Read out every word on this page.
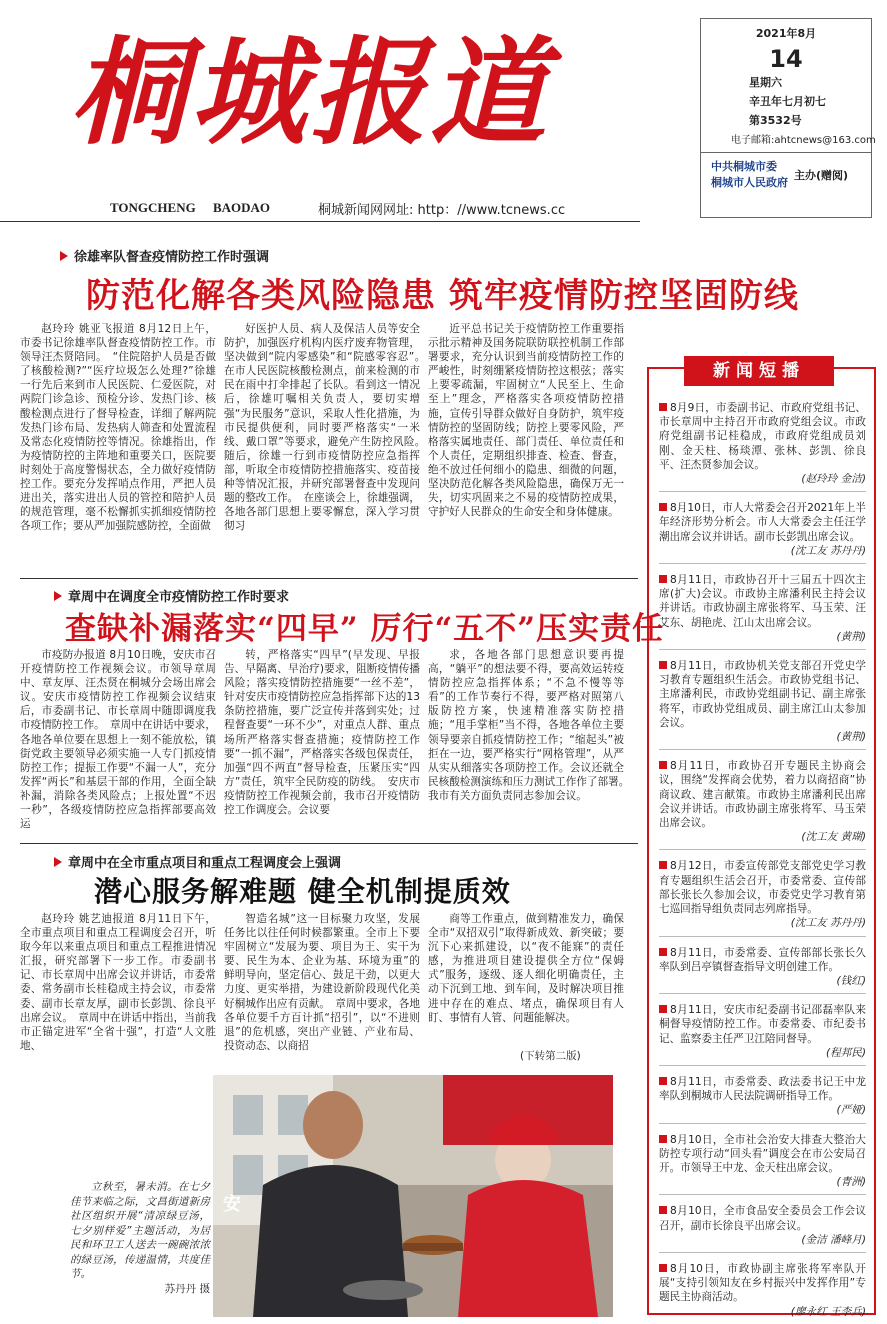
桐城报道
TONGCHENG BAODAO	桐城新闻网网址: http：//www.tcnews.cc
2021年8月
14
星期六
辛丑年七月初七
第3532号
电子邮箱:ahtcnews@163.com
中共桐城市委
桐城市人民政府
主办(赠阅)
徐雄率队督查疫情防控工作时强调
防范化解各类风险隐患 筑牢疫情防控坚固防线

赵玲玲 姚亚飞报道 8月12日上午，市委书记徐雄率队督查疫情防控工作。市领导汪杰贤陪同。　“住院陪护人员是否做了核酸检测?”“医疗垃圾怎么处理?”徐雄一行先后来到市人民医院、仁爱医院，对两院门诊急诊、预检分诊、发热门诊、核酸检测点进行了督导检查，详细了解两院发热门诊布局、发热病人筛查和处置流程及常态化疫情防控等情况。徐雄指出，作为疫情防控的主阵地和重要关口，医院要时刻处于高度警惕状态，全力做好疫情防控工作。要充分发挥哨点作用，严把人员进出关，落实进出人员的管控和陪护人员的规范管理，毫不松懈抓实抓细疫情防控各项工作；要从严加强院感防控，全面做

好医护人员、病人及保洁人员等安全防护，加强医疗机构内医疗废弃物管理，坚决做到“院内零感染”和“院感零容忍”。　在市人民医院核酸检测点，前来检测的市民在雨中打伞排起了长队。看到这一情况后，徐雄叮嘱相关负责人，要切实增强“为民服务”意识，采取人性化措施，为市民提供便利，同时要严格落实“一米线、戴口罩”等要求，避免产生防控风险。　随后，徐雄一行到市疫情防控应急指挥部，听取全市疫情防控措施落实、疫苗接种等情况汇报，并研究部署督查中发现问题的整改工作。　在座谈会上，徐雄强调，各地各部门思想上要零懈怠，深入学习贯彻习

近平总书记关于疫情防控工作重要指示批示精神及国务院联防联控机制工作部署要求，充分认识到当前疫情防控工作的严峻性，时刻绷紧疫情防控这根弦；落实上要零疏漏，牢固树立“人民至上、生命至上”理念，严格落实各项疫情防控措施，宣传引导群众做好自身防护，筑牢疫情防控的坚固防线；防控上要零风险，严格落实属地责任、部门责任、单位责任和个人责任，定期组织排查、检查、督查，绝不放过任何细小的隐患、细微的问题，坚决防范化解各类风险隐患，确保万无一失，切实巩固来之不易的疫情防控成果，守护好人民群众的生命安全和身体健康。

章周中在调度全市疫情防控工作时要求
查缺补漏落实“四早” 厉行“五不”压实责任

市疫防办报道 8月10日晚，安庆市召开疫情防控工作视频会议。市领导章周中、章友厚、汪杰贤在桐城分会场出席会议。安庆市疫情防控工作视频会议结束后，市委副书记、市长章周中随即调度我市疫情防控工作。　章周中在讲话中要求，各地各单位要在思想上一刻不能放松，镇街党政主要领导必须实施一人专门抓疫情防控工作；提振工作要“不漏一人”，充分发挥“两长”和基层干部的作用，全面全缺补漏，消除各类风险点；上报处置“不迟一秒”，各级疫情防控应急指挥部要高效运

转，严格落实“四早”(早发现、早报告、早隔离、早治疗)要求，阻断疫情传播风险；落实疫情防控措施要“一丝不差”，针对安庆市疫情防控应急指挥部下达的13条防控措施，要广泛宣传并落到实处；过程督查要“一环不少”，对重点人群、重点场所严格落实督查措施；疫情防控工作要“一抓不漏”，严格落实各级包保责任，加强“四不两直”督导检查，压紧压实“四方”责任，筑牢全民防疫的防线。　安庆市疫情防控工作视频会前，我市召开疫情防控工作调度会。会议要

求，各地各部门思想意识要再提高，“躺平”的想法要不得，要高效运转疫情防控应急指挥体系；“不急不慢等等看”的工作节奏行不得，要严格对照第八版防控方案，快速精准落实防控措施；“甩手掌柜”当不得，各地各单位主要领导要亲自抓疫情防控工作；“缩起头”被拒在一边，要严格实行“网格管理”，从严从实从细落实各项防控工作。会议还就全民核酸检测演练和压力测试工作作了部署。　我市有关方面负责同志参加会议。

章周中在全市重点项目和重点工程调度会上强调
潜心服务解难题 健全机制提质效

赵玲玲 姚艺迪报道 8月11日下午，全市重点项目和重点工程调度会召开，听取今年以来重点项目和重点工程推进情况汇报，研究部署下一步工作。市委副书记、市长章周中出席会议并讲话，市委常委、常务副市长桂稳成主持会议，市委常委、副市长章友厚，副市长彭凯、徐良平出席会议。　章周中在讲话中指出，当前我市正锚定进军“全省十强”，打造“人文胜地、

智造名城”这一目标聚力攻坚，发展任务比以往任何时候都繁重。全市上下要牢固树立“发展为要、项目为王、实干为要、民生为本、企业为基、环境为重”的鲜明导向，坚定信心、鼓足干劲，以更大力度、更实举措，为建设新阶段现代化美好桐城作出应有贡献。　章周中要求，各地各单位要千方百计抓“招引”，以“不进则退”的危机感，突出产业链、产业布局、投资动态、以商招

商等工作重点，做到精准发力，确保全市“双招双引”取得新成效、新突破；要沉下心来抓建设，以“夜不能寐”的责任感，为推进项目建设提供全方位“保姆式”服务，逐级、逐人细化明确责任，主动下沉到工地、到车间，及时解决项目推进中存在的难点、堵点，确保项目有人盯、事情有人管、问题能解决。

(下转第二版)
安

立秋至，暑未消。在七夕佳节来临之际，文昌街道新房社区组织开展“清凉绿豆汤，七夕别样爱”主题活动，为居民和环卫工人送去一碗碗浓浓的绿豆汤，传递温情，共度佳节。

苏丹丹 摄
8月9日，市委副书记、市政府党组书记、市长章周中主持召开市政府党组会议。市政府党组副书记桂稳成，市政府党组成员刘刚、金天柱、杨琰潭、张林、彭凯、徐良平、汪杰贤参加会议。
(赵玲玲 金洁)
8月10日，市人大常委会召开2021年上半年经济形势分析会。市人大常委会主任汪学潮出席会议并讲话。副市长彭凯出席会议。
(沈工友 苏丹丹)
8月11日，市政协召开十三届五十四次主席(扩大)会议。市政协主席潘利民主持会议并讲话。市政协副主席张将军、马玉荣、汪艾东、胡艳虎、江山太出席会议。
(黄荆)
8月11日，市政协机关党支部召开党史学习教育专题组织生活会。市政协党组书记、主席潘利民，市政协党组副书记、副主席张将军，市政协党组成员、副主席江山太参加会议。
(黄荆)
8月11日，市政协召开专题民主协商会议，围绕“发挥商会优势，着力以商招商”协商议政、建言献策。市政协主席潘利民出席会议并讲话。市政协副主席张将军、马玉荣出席会议。
(沈工友 黄瑚)
8月12日，市委宣传部党支部党史学习教育专题组织生活会召开，市委常委、宣传部部长张长久参加会议，市委党史学习教育第七巡回指导组负责同志列席指导。
(沈工友 苏丹丹)
8月11日，市委常委、宣传部部长张长久率队到吕亭镇督查指导文明创建工作。
(钱红)
8月11日，安庆市纪委副书记邵磊率队来桐督导疫情防控工作。市委常委、市纪委书记、监察委主任严卫江陪同督导。
(程邦民)
8月11日，市委常委、政法委书记王中龙率队到桐城市人民法院调研指导工作。
(严娅)
8月10日，全市社会治安大排查大整治大防控专项行动“回头看”调度会在市公安局召开。市领导王中龙、金天柱出席会议。
(青洲)
8月10日，全市食品安全委员会工作会议召开，副市长徐良平出席会议。
(金洁 潘峰月)
8月10日，市政协副主席张将军率队开展“支持引领知友在乡村振兴中发挥作用”专题民主协商活动。
(廖永红 王李兵)
新闻短播
